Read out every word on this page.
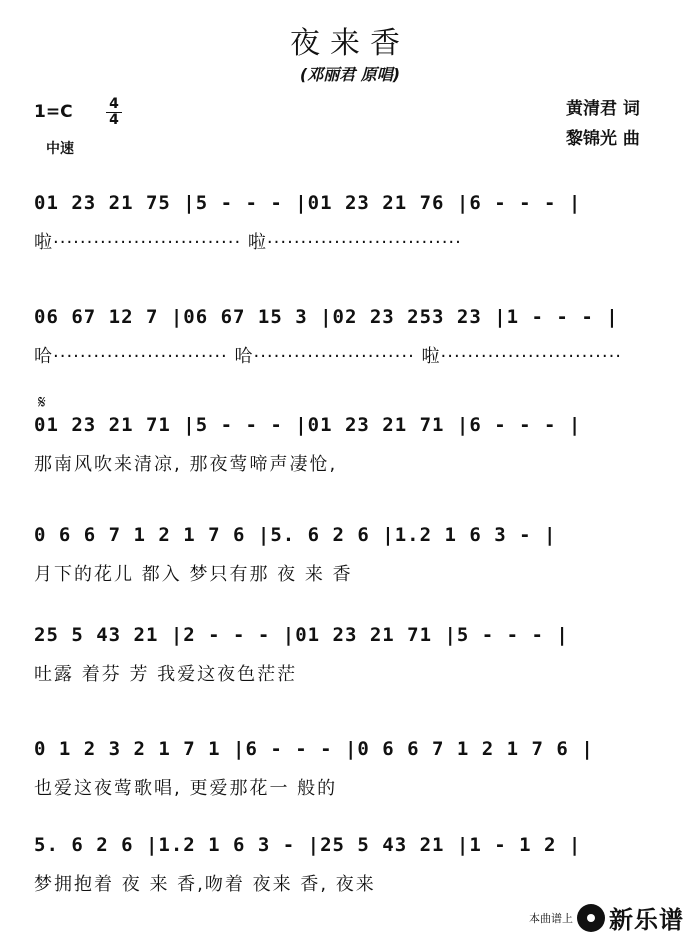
夜来香
(邓丽君 原唱)
1=C	4
4
中速
黄清君 词
黎锦光 曲
𝄋
01 23 21 75 |5 - - - |01 23 21 76 |6 - - - |
啦···························· 啦·····························
06 67 12 7 |06 67 15 3 |02 23 253 23 |1 - - - |
哈·························· 哈························ 啦···························
01 23 21 71 |5 - - - |01 23 21 71 |6 - - - |
那南风吹来清凉, 那夜莺啼声凄怆,
0 6 6 7 1 2 1 7 6 |5. 6 2 6 |1.2 1 6 3 - |
月下的花儿 都入 梦只有那 夜 来 香
25 5 43 21 |2 - - - |01 23 21 71 |5 - - - |
吐露 着芬 芳 我爱这夜色茫茫
0 1 2 3 2 1 7 1 |6 - - - |0 6 6 7 1 2 1 7 6 |
也爱这夜莺歌唱, 更爱那花一 般的
5. 6 2 6 |1.2 1 6 3 - |25 5 43 21 |1 - 1 2 |
梦拥抱着 夜 来 香,吻着 夜来 香, 夜来
本曲谱上 新乐谱
